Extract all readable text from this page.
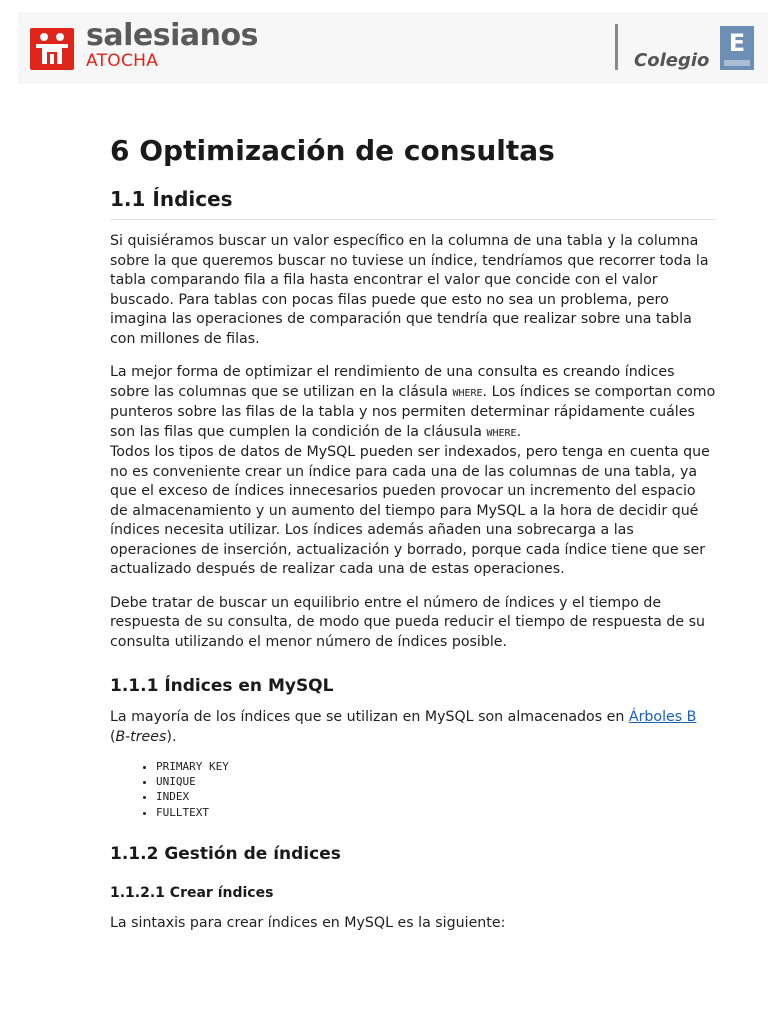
salesianos
ATOCHA	Colegio
E
6 Optimización de consultas
1.1 Índices

Si quisiéramos buscar un valor específico en la columna de una tabla y la columna sobre la que queremos buscar no tuviese un índice, tendríamos que recorrer toda la tabla comparando fila a fila hasta encontrar el valor que concide con el valor buscado. Para tablas con pocas filas puede que esto no sea un problema, pero imagina las operaciones de comparación que tendría que realizar sobre una tabla con millones de filas.

La mejor forma de optimizar el rendimiento de una consulta es creando índices sobre las columnas que se utilizan en la clásula WHERE. Los índices se comportan como punteros sobre las filas de la tabla y nos permiten determinar rápidamente cuáles son las filas que cumplen la condición de la cláusula WHERE.
Todos los tipos de datos de MySQL pueden ser indexados, pero tenga en cuenta que no es conveniente crear un índice para cada una de las columnas de una tabla, ya que el exceso de índices innecesarios pueden provocar un incremento del espacio de almacenamiento y un aumento del tiempo para MySQL a la hora de decidir qué índices necesita utilizar. Los índices además añaden una sobrecarga a las operaciones de inserción, actualización y borrado, porque cada índice tiene que ser actualizado después de realizar cada una de estas operaciones.

Debe tratar de buscar un equilibrio entre el número de índices y el tiempo de respuesta de su consulta, de modo que pueda reducir el tiempo de respuesta de su consulta utilizando el menor número de índices posible.

1.1.1 Índices en MySQL

La mayoría de los índices que se utilizan en MySQL son almacenados en Árboles B (B-trees).

• PRIMARY KEY
• UNIQUE
• INDEX
• FULLTEXT
1.1.2 Gestión de índices
1.1.2.1 Crear índices

La sintaxis para crear índices en MySQL es la siguiente:
